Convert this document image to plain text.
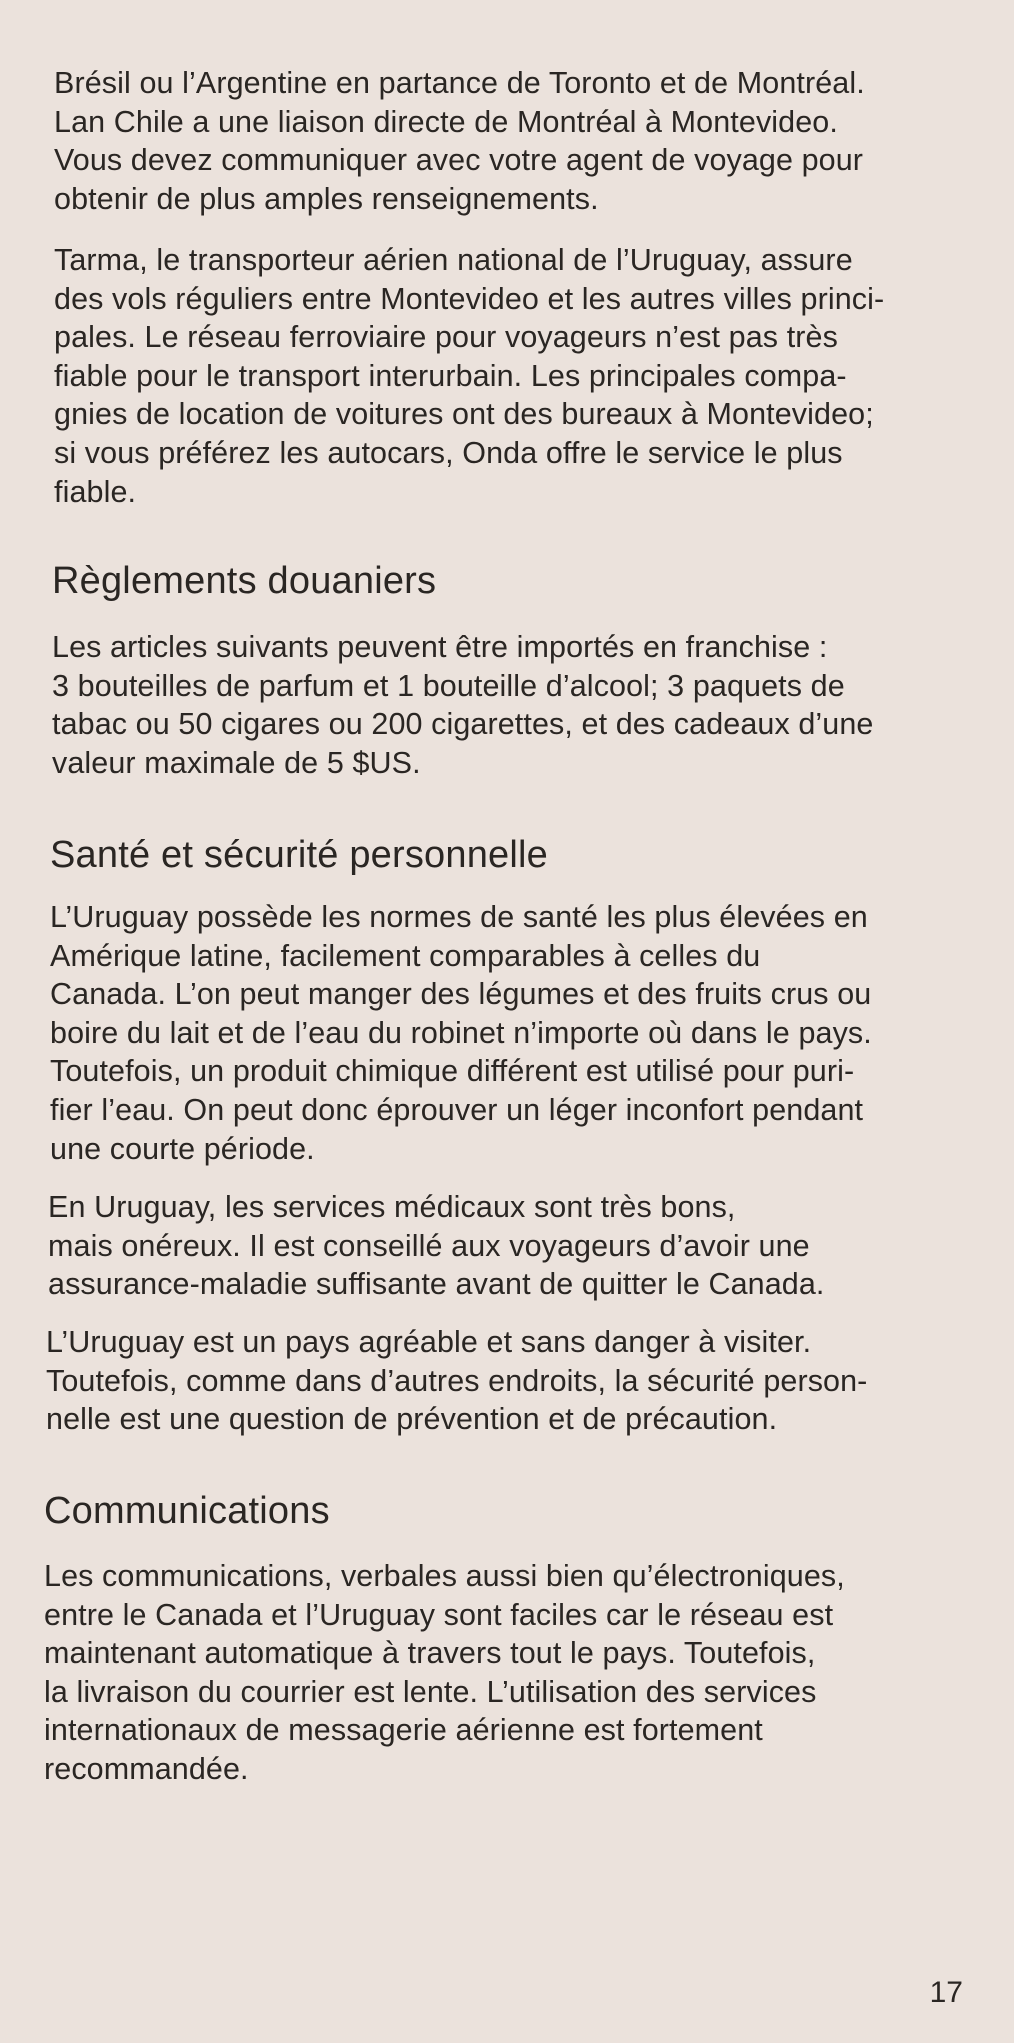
Brésil ou l’Argentine en partance de Toronto et de Montréal.
Lan Chile a une liaison directe de Montréal à Montevideo.
Vous devez communiquer avec votre agent de voyage pour
obtenir de plus amples renseignements.

Tarma, le transporteur aérien national de l’Uruguay, assure
des vols réguliers entre Montevideo et les autres villes princi-
pales. Le réseau ferroviaire pour voyageurs n’est pas très
fiable pour le transport interurbain. Les principales compa-
gnies de location de voitures ont des bureaux à Montevideo;
si vous préférez les autocars, Onda offre le service le plus
fiable.

Règlements douaniers

Les articles suivants peuvent être importés en franchise :
3 bouteilles de parfum et 1 bouteille d’alcool; 3 paquets de
tabac ou 50 cigares ou 200 cigarettes, et des cadeaux d’une
valeur maximale de 5 $US.

Santé et sécurité personnelle

L’Uruguay possède les normes de santé les plus élevées en
Amérique latine, facilement comparables à celles du
Canada. L’on peut manger des légumes et des fruits crus ou
boire du lait et de l’eau du robinet n’importe où dans le pays.
Toutefois, un produit chimique différent est utilisé pour puri-
fier l’eau. On peut donc éprouver un léger inconfort pendant
une courte période.

En Uruguay, les services médicaux sont très bons,
mais onéreux. Il est conseillé aux voyageurs d’avoir une
assurance-maladie suffisante avant de quitter le Canada.

L’Uruguay est un pays agréable et sans danger à visiter.
Toutefois, comme dans d’autres endroits, la sécurité person-
nelle est une question de prévention et de précaution.

Communications

Les communications, verbales aussi bien qu’électroniques,
entre le Canada et l’Uruguay sont faciles car le réseau est
maintenant automatique à travers tout le pays. Toutefois,
la livraison du courrier est lente. L’utilisation des services
internationaux de messagerie aérienne est fortement
recommandée.

17
